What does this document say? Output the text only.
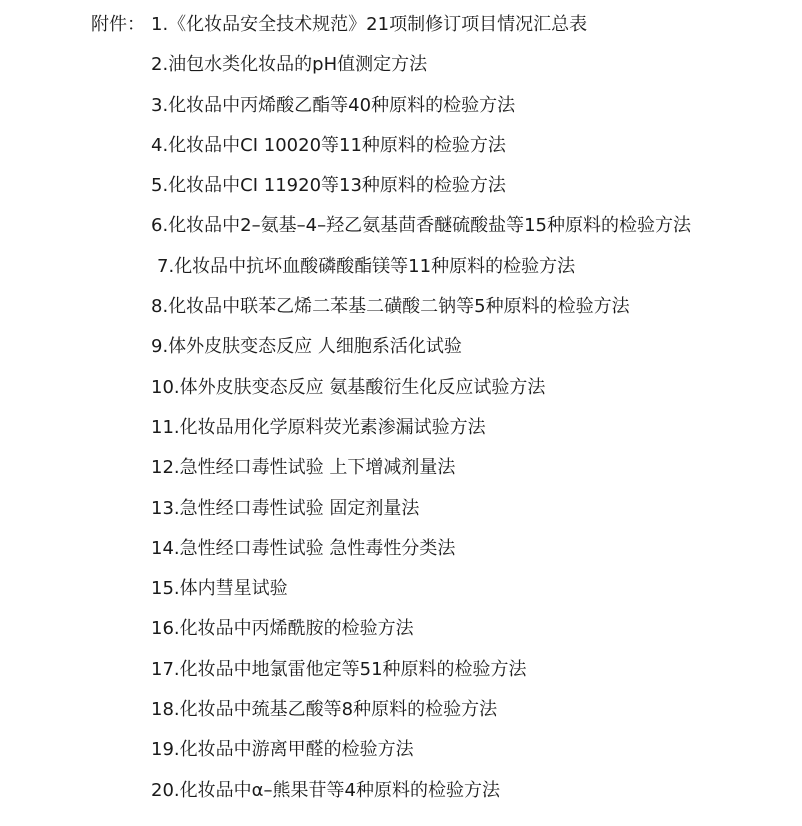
附件： 1.《化妆品安全技术规范》21项制修订项目情况汇总表
2.油包水类化妆品的pH值测定方法
3.化妆品中丙烯酸乙酯等40种原料的检验方法
4.化妆品中CI 10020等11种原料的检验方法
5.化妆品中CI 11920等13种原料的检验方法
6.化妆品中2–氨基–4–羟乙氨基茴香醚硫酸盐等15种原料的检验方法
7.化妆品中抗坏血酸磷酸酯镁等11种原料的检验方法
8.化妆品中联苯乙烯二苯基二磺酸二钠等5种原料的检验方法
9.体外皮肤变态反应 人细胞系活化试验
10.体外皮肤变态反应 氨基酸衍生化反应试验方法
11.化妆品用化学原料荧光素渗漏试验方法
12.急性经口毒性试验 上下增减剂量法
13.急性经口毒性试验 固定剂量法
14.急性经口毒性试验 急性毒性分类法
15.体内彗星试验
16.化妆品中丙烯酰胺的检验方法
17.化妆品中地氯雷他定等51种原料的检验方法
18.化妆品中巯基乙酸等8种原料的检验方法
19.化妆品中游离甲醛的检验方法
20.化妆品中α–熊果苷等4种原料的检验方法
